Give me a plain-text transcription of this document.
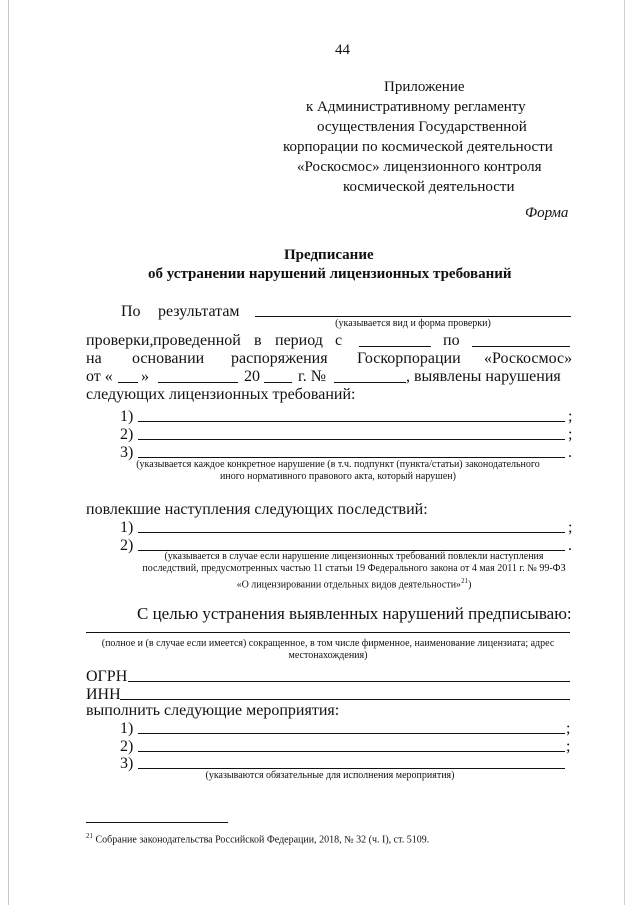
44
Приложение
к Административному регламенту
осуществления Государственной
корпорации по космической деятельности
«Роскосмос» лицензионного контроля
космической деятельности
Форма
Предписание
об устранении нарушений лицензионных требований
По результатам
(указывается вид и форма проверки)
проверки, проведенной в период с	по
на основании распоряжения Госкорпорации «Роскосмос»
от « »	20 г. №	, выявлены нарушения
следующих лицензионных требований:
1)	;
2)	;
3)	.
(указывается каждое конкретное нарушение (в т.ч. подпункт (пункта/статьи) законодательного иного нормативного правового акта, который нарушен)
повлекшие наступления следующих последствий:
1)	;
2)	.
(указывается в случае если нарушение лицензионных требований повлекли наступления последствий, предусмотренных частью 11 статьи 19 Федерального закона от 4 мая 2011 г. № 99-ФЗ «О лицензировании отдельных видов деятельности»$^{21}$)
С целью устранения выявленных нарушений предписываю:
(полное и (в случае если имеется) сокращенное, в том числе фирменное, наименование лицензиата; адрес местонахождения)
ОГРН
ИНН
выполнить следующие мероприятия:
1)	;
2)	;
3)
(указываются обязательные для исполнения мероприятия)
$^{21}$ Собрание законодательства Российской Федерации, 2018, № 32 (ч. I), ст. 5109.
